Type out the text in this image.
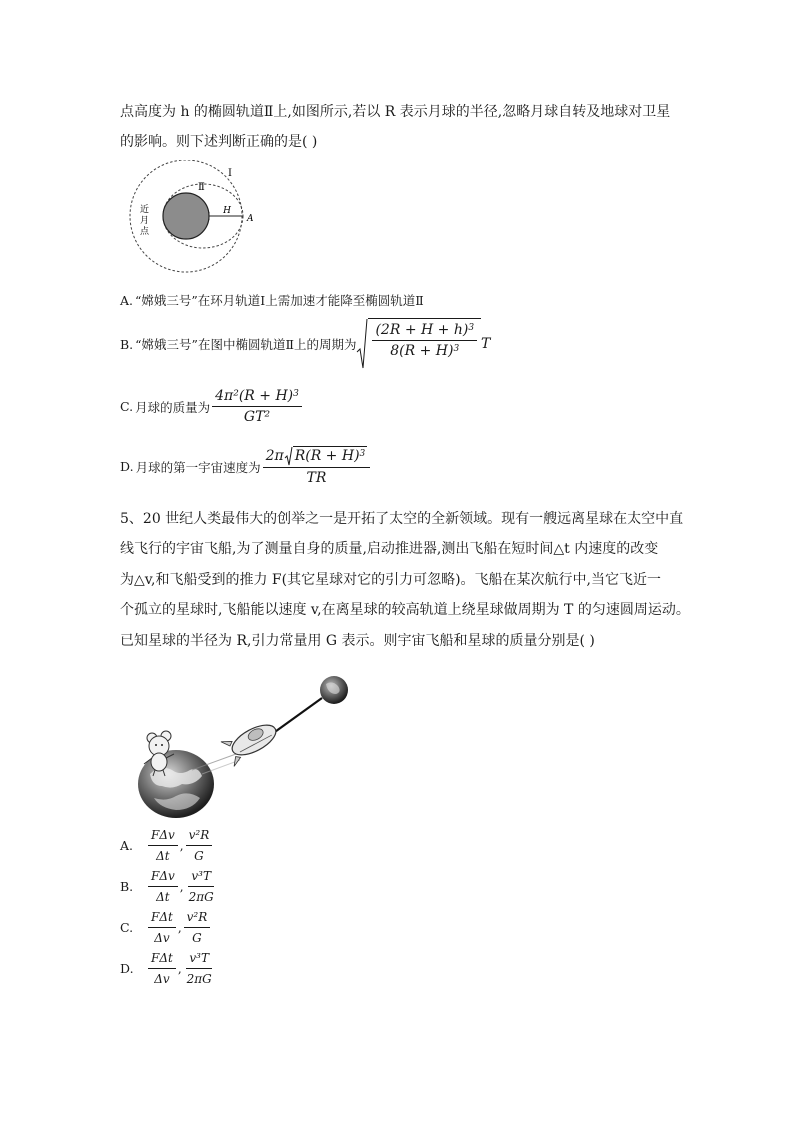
点高度为 h 的椭圆轨道Ⅱ上,如图所示,若以 R 表示月球的半径,忽略月球自转及地球对卫星
的影响。则下述判断正确的是( )
H
A
Ⅰ
Ⅱ
近
月
点
A. “嫦娥三号”在环月轨道Ⅰ上需加速才能降至椭圆轨道Ⅱ
B. “嫦娥三号”在图中椭圆轨道Ⅱ上的周期为 $\frac{(2R + H + h)^3}{8(R + H)^3}$ T
C. 月球的质量为 $\frac{4\pi^2(R + H)^3}{\text{GT²}}$
D. 月球的第一宇宙速度为 $\frac{2\pi R(R + H)^3}{TR}$
5、20 世纪人类最伟大的创举之一是开拓了太空的全新领域。现有一艘远离星球在太空中直
线飞行的宇宙飞船,为了测量自身的质量,启动推进器,测出飞船在短时间△t 内速度的改变
为△v,和飞船受到的推力 F(其它星球对它的引力可忽略)。飞船在某次航行中,当它飞近一
个孤立的星球时,飞船能以速度 v,在离星球的较高轨道上绕星球做周期为 T 的匀速圆周运动。
已知星球的半径为 R,引力常量用 G 表示。则宇宙飞船和星球的质量分别是( )
A.	$\frac{\text{FΔv}}{\Delta t}$ , $\frac{\text{v²R}}{G}$
B.	$\frac{\text{FΔv}}{\Delta t}$ , $\frac{\text{v³T}}{2\pi G}$
C.	$\frac{\text{FΔt}}{\Delta v}$ , $\frac{\text{v²R}}{G}$
D.	$\frac{\text{FΔt}}{\Delta v}$ , $\frac{\text{v³T}}{2\pi G}$
